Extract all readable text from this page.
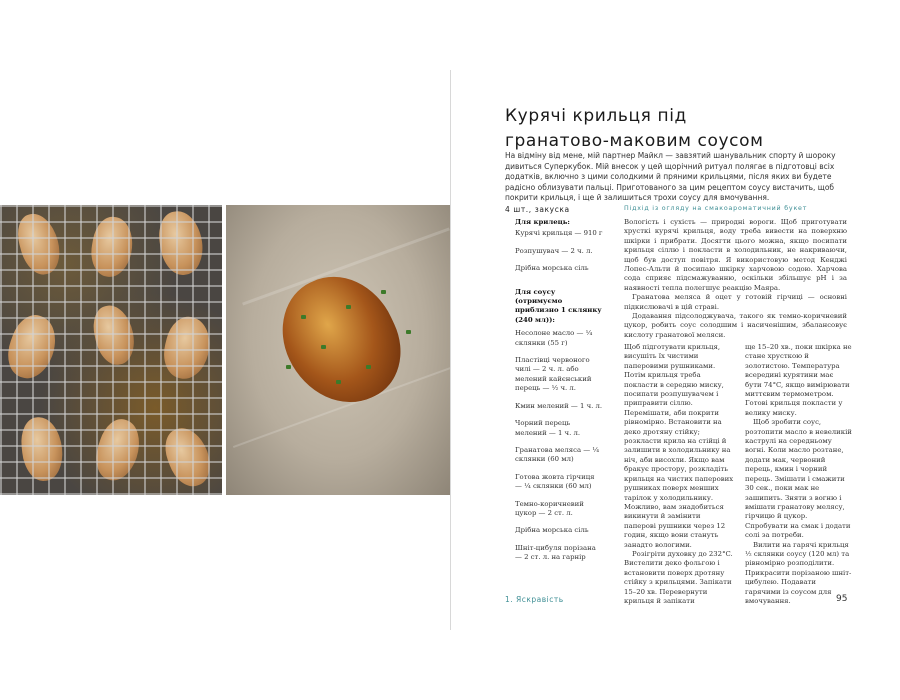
Курячі крильця під
гранатово-маковим соусом

На відміну від мене, мій партнер Майкл — завзятий шанувальник спорту й шороку дивиться Суперкубок. Мій внесок у цей щорічний ритуал полягає в підготовці всіх додатків, включно з цими солодкими й пряними крильцями, після яких ви будете радісно облизувати пальці. Приготованого за цим рецептом соусу вистачить, щоб покрити крильця, і ще й залишиться трохи соусу для вмочування.

4 шт., закуска

Для крилець:

Курячі крильця — 910 г

Розпушувач — 2 ч. л.

Дрібна морська сіль

Для соусу (отримуємо приблизно 1 склянку (240 мл)):

Несолоне масло — ¼ склянки (55 г)

Пластівці червоного чилі — 2 ч. л. або мелений кайєнський перець — ½ ч. л.

Кмин мелений — 1 ч. л.

Чорний перець мелений — 1 ч. л.

Гранатова меляса — ¼ склянки (60 мл)

Готова жовта гірчиця — ¼ склянки (60 мл)

Темно-коричневий цукор — 2 ст. л.

Дрібна морська сіль

Шніт-цибуля порізана — 2 ст. л. на гарнір

Підхід із огляду на смакоароматичний букет

Вологість і сухість — природні вороги. Щоб приготувати хрусткі курячі крильця, воду треба вивести на поверхню шкірки і прибрати. Досягти цього можна, якщо посипати крильця сіллю і покласти в холодильник, не накриваючи, щоб був доступ повітря. Я використовую метод Кенджі Лопес-Альти й посипаю шкірку харчовою содою. Харчова сода сприяє підсмажуванню, оскільки збільшує pH і за наявності тепла полегшує реакцію Маяра.

Гранатова меляса й оцет у готовій гірчиці — основні підкислювачі в цій страві.

Додавання підсолоджувача, такого як темно-коричневий цукор, робить соус солодшим і насиченішим, збалансовує кислоту гранатової меляси.

Щоб підготувати крильця, висушіть їх чистими паперовими рушниками. Потім крильця треба покласти в середню миску, посипати розпушувачем і приправити сіллю. Перемішати, аби покрити рівномірно. Встановити на деко дротяну стійку; розкласти крила на стійці й залишити в холодильнику на ніч, аби висохли. Якщо вам бракує простору, розкладіть крильця на чистих паперових рушниках поверх менших тарілок у холодильнику. Можливо, вам знадобиться викинути й замінити паперові рушники через 12 годин, якщо вони стануть занадто вологими.

Розігріти духовку до 232°C. Вистелити деко фольгою і встановити поверх дротяну стійку з крильцями. Запікати 15–20 хв. Перевернути крильця й запікати

ще 15–20 хв., поки шкірка не стане хрусткою й золотистою. Температура всередині курятини має бути 74°C, якщо вимірювати миттєвим термометром. Готові крильця покласти у велику миску.

Щоб зробити соус, розтопити масло в невеликій каструлі на середньому вогні. Коли масло розтане, додати мак, червоний перець, кмин і чорний перець. Змішати і смажити 30 сек., поки мак не зашипить. Зняти з вогню і вмішати гранатову мелясу, гірчицю й цукор. Спробувати на смак і додати солі за потреби.

Вилити на гарячі крильця ½ склянки соусу (120 мл) та рівномірно розподілити. Прикрасити порізаною шніт-цибулею. Подавати гарячими із соусом для вмочування.

1. Яскравість	95
